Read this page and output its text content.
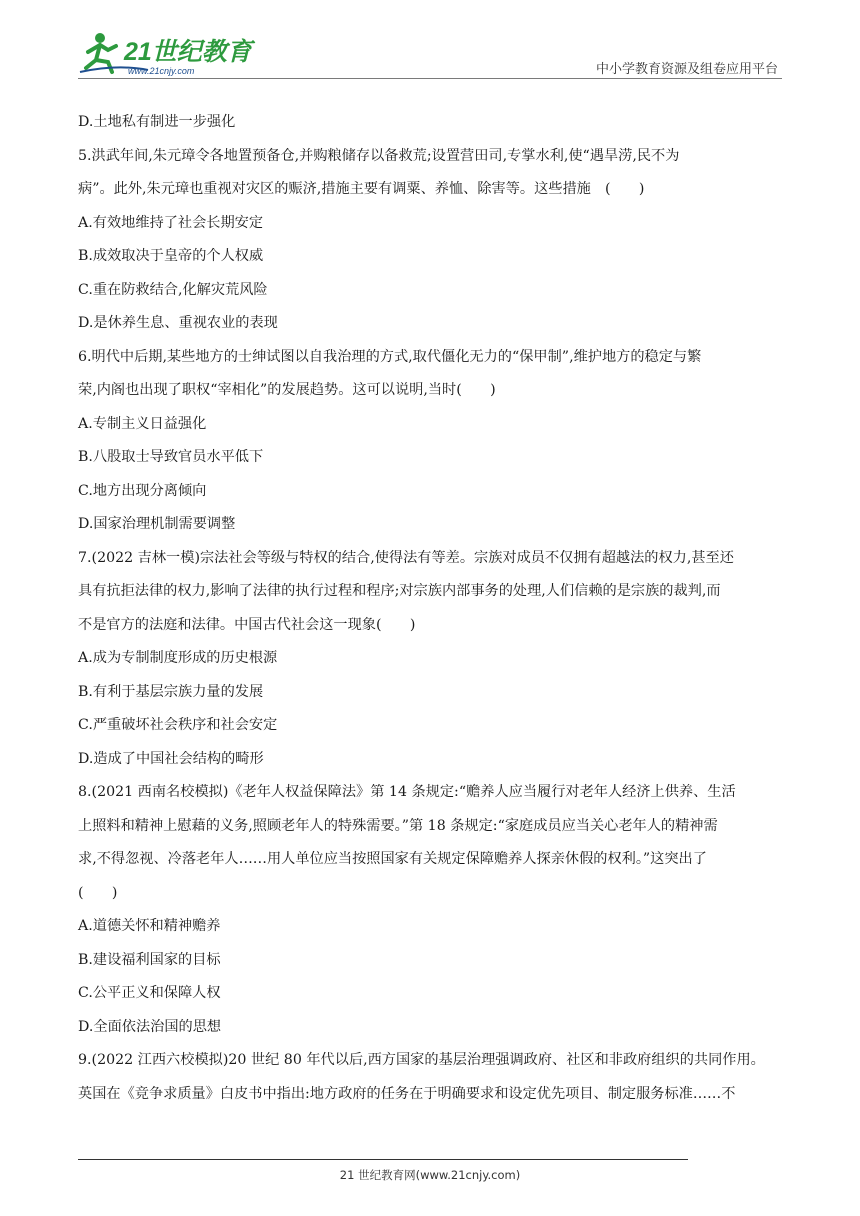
21世纪教育
www.21cnjy.com	中小学教育资源及组卷应用平台

D.土地私有制进一步强化

5.洪武年间,朱元璋令各地置预备仓,并购粮储存以备救荒;设置营田司,专掌水利,使“遇旱涝,民不为
病”。此外,朱元璋也重视对灾区的赈济,措施主要有调粟、养恤、除害等。这些措施　(　　)

A.有效地维持了社会长期安定

B.成效取决于皇帝的个人权威

C.重在防救结合,化解灾荒风险

D.是休养生息、重视农业的表现

6.明代中后期,某些地方的士绅试图以自我治理的方式,取代僵化无力的“保甲制”,维护地方的稳定与繁
荣,内阁也出现了职权“宰相化”的发展趋势。这可以说明,当时(　　)

A.专制主义日益强化

B.八股取士导致官员水平低下

C.地方出现分离倾向

D.国家治理机制需要调整

7.(2022 吉林一模)宗法社会等级与特权的结合,使得法有等差。宗族对成员不仅拥有超越法的权力,甚至还
具有抗拒法律的权力,影响了法律的执行过程和程序;对宗族内部事务的处理,人们信赖的是宗族的裁判,而
不是官方的法庭和法律。中国古代社会这一现象(　　)

A.成为专制制度形成的历史根源

B.有利于基层宗族力量的发展

C.严重破坏社会秩序和社会安定

D.造成了中国社会结构的畸形

8.(2021 西南名校模拟)《老年人权益保障法》第 14 条规定:“赡养人应当履行对老年人经济上供养、生活
上照料和精神上慰藉的义务,照顾老年人的特殊需要。”第 18 条规定:“家庭成员应当关心老年人的精神需
求,不得忽视、冷落老年人……用人单位应当按照国家有关规定保障赡养人探亲休假的权利。”这突出了
(　　)

A.道德关怀和精神赡养

B.建设福利国家的目标

C.公平正义和保障人权

D.全面依法治国的思想

9.(2022 江西六校模拟)20 世纪 80 年代以后,西方国家的基层治理强调政府、社区和非政府组织的共同作用。
英国在《竞争求质量》白皮书中指出:地方政府的任务在于明确要求和设定优先项目、制定服务标准……不

21 世纪教育网(www.21cnjy.com)
